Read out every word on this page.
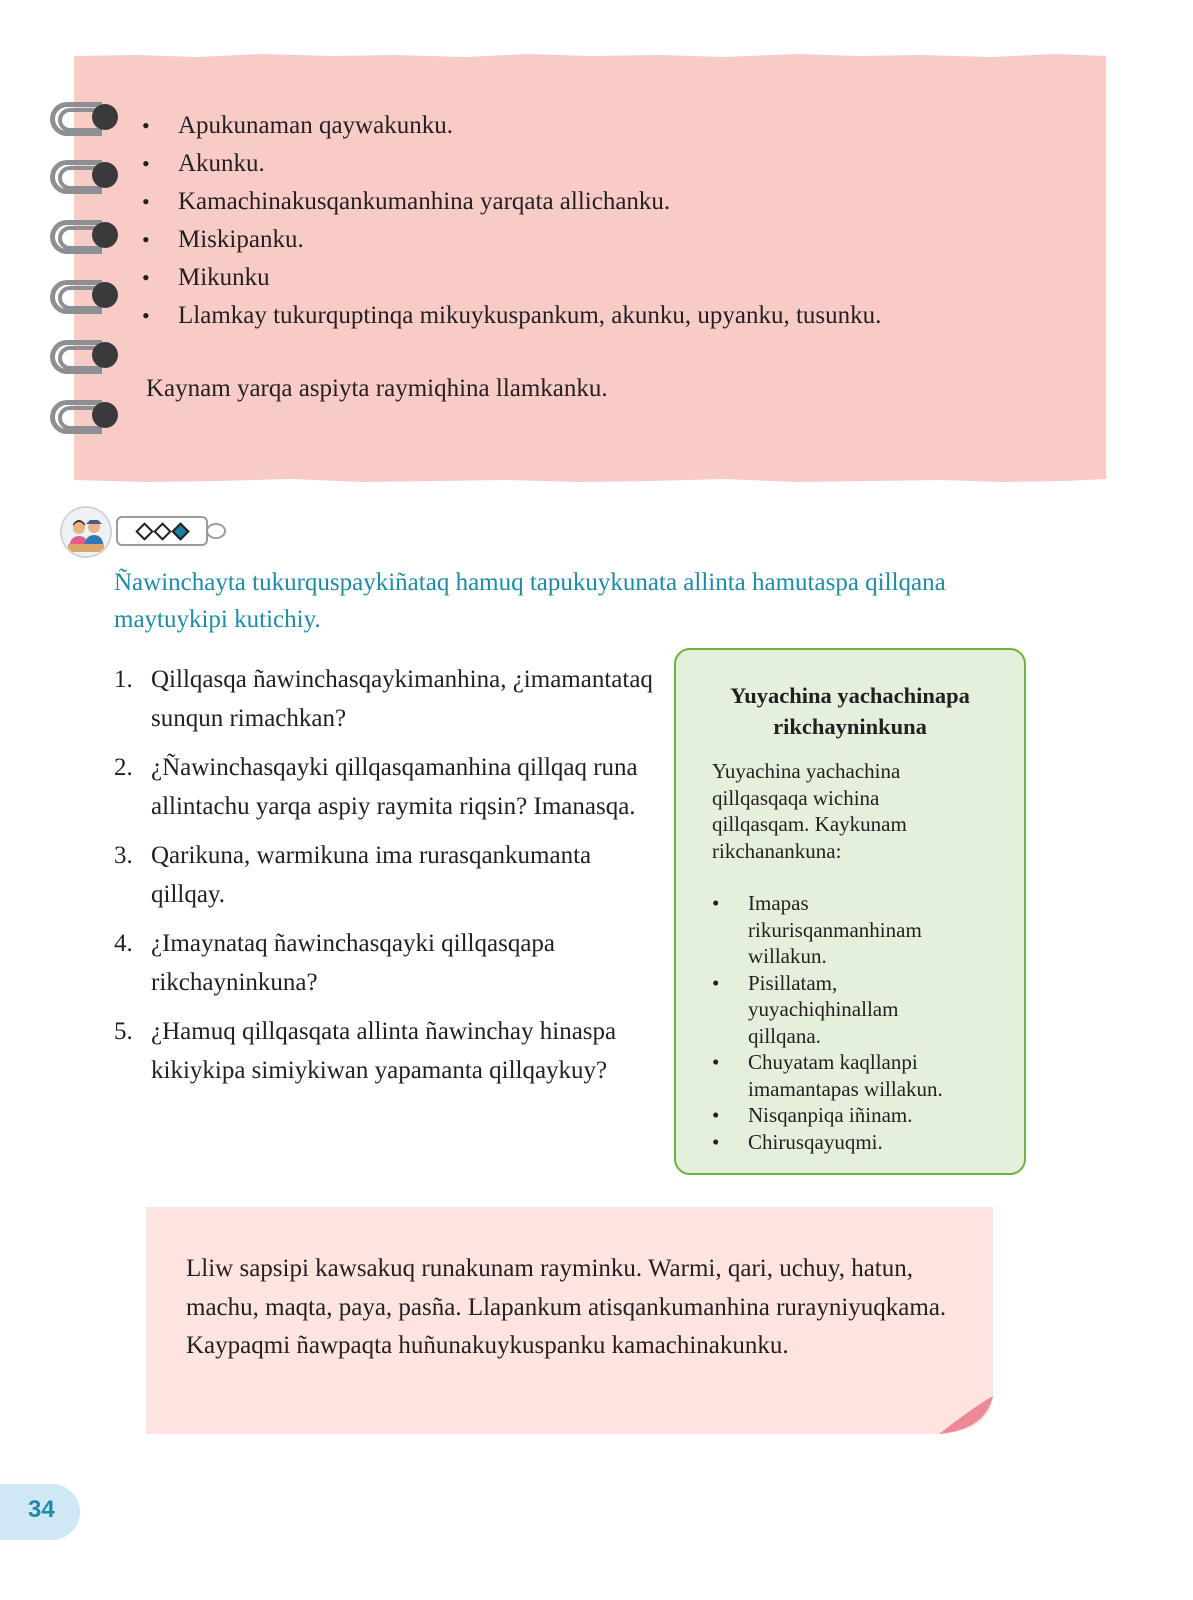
• Apukunaman qaywakunku.
• Akunku.
• Kamachinakusqankumanhina yarqata allichanku.
• Miskipanku.
• Mikunku
• Llamkay tukurquptinqa mikuykuspankum, akunku, upyanku, tusunku.
Kaynam yarqa aspiyta raymiqhina llamkanku.
Ñawinchayta tukurquspaykiñataq hamuq tapukuykunata allinta hamutaspa qillqana maytuykipi kutichiy.
1. Qillqasqa ñawinchasqaykimanhina, ¿imamantataq sunqun rimachkan?
2. ¿Ñawinchasqayki qillqasqamanhina qillqaq runa allintachu yarqa aspiy raymita riqsin? Imanasqa.
3. Qarikuna, warmikuna ima rurasqankumanta qillqay.
4. ¿Imaynataq ñawinchasqayki qillqasqapa rikchayninkuna?
5. ¿Hamuq qillqasqata allinta ñawinchay hinaspa kikiykipa simiykiwan yapamanta qillqaykuy?
Yuyachina yachachinapa rikchayninkuna
Yuyachina yachachina qillqasqaqa wichina qillqasqam. Kaykunam rikchanankuna:
• Imapas rikurisqanmanhinam willakun.
• Pisillatam, yuyachiqhinallam qillqana.
• Chuyatam kaqllanpi imamantapas willakun.
• Nisqanpiqa iñinam.
• Chirusqayuqmi.
Lliw sapsipi kawsakuq runakunam rayminku. Warmi, qari, uchuy, hatun, machu, maqta, paya, pasña. Llapankum atisqankumanhina rurayniyuqkama. Kaypaqmi ñawpaqta huñunakuykuspanku kamachinakunku.
34
